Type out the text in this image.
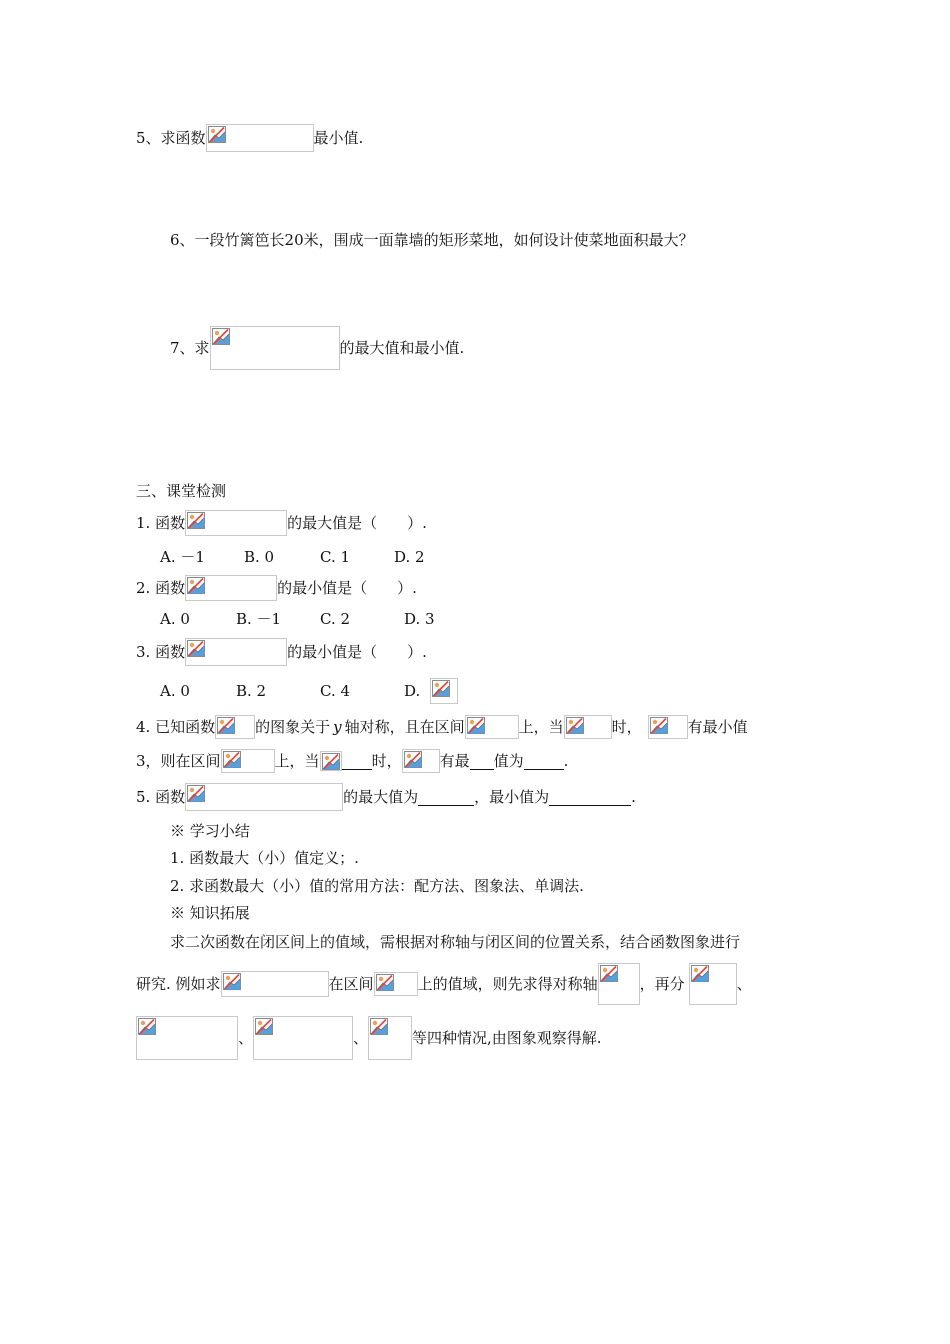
5、求函数	最小值.
6、一段竹篱笆长20米，围成一面靠墙的矩形菜地，如何设计使菜地面积最大？
7、求	的最大值和最小值.
三、课堂检测
1. 函数	的最大值是（　　）.
A. －1	B. 0	C. 1	D. 2
2. 函数	的最小值是（　　）.
A. 0	B. －1	C. 2	D. 3
3. 函数	的最小值是（　　）.
A. 0	B. 2	C. 4	D.
4. 已知函数	的图象关于 y 轴对称，且在区间	上，当	时，	有最小值
3，则在区间	上，当	时，	有最 值为	.
5. 函数	的最大值为	，最小值为	.
※ 学习小结
1. 函数最大（小）值定义；.
2. 求函数最大（小）值的常用方法：配方法、图象法、单调法.
※ 知识拓展
求二次函数在闭区间上的值域，需根据对称轴与闭区间的位置关系，结合函数图象进行
研究. 例如求	在区间	上的值域，则先求得对称轴	，再分	、
、	、	等四种情况,由图象观察得解.
